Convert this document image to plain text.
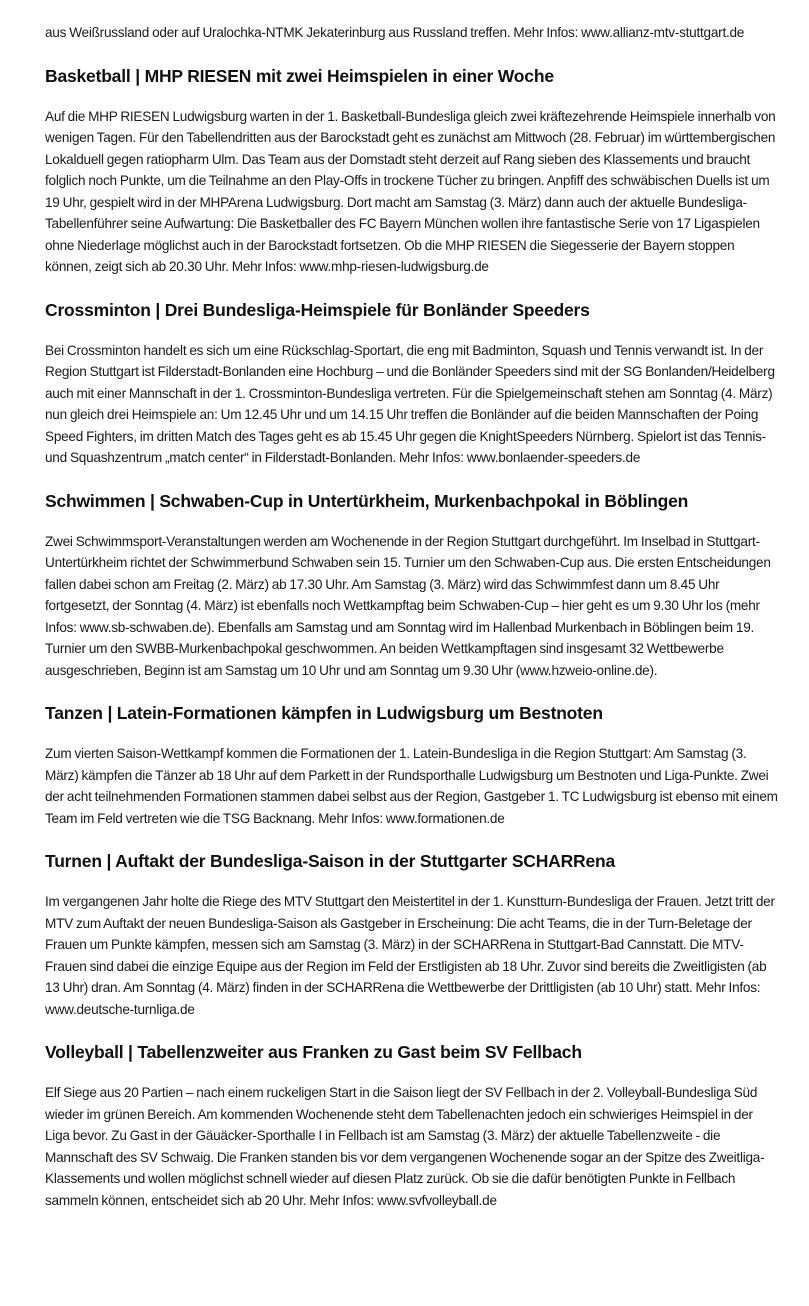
aus Weißrussland oder auf Uralochka-NTMK Jekaterinburg aus Russland treffen. Mehr Infos: www.allianz-mtv-stuttgart.de

Basketball | MHP RIESEN mit zwei Heimspielen in einer Woche

Auf die MHP RIESEN Ludwigsburg warten in der 1. Basketball-Bundesliga gleich zwei kräftezehrende Heimspiele innerhalb von wenigen Tagen. Für den Tabellendritten aus der Barockstadt geht es zunächst am Mittwoch (28. Februar) im württembergischen Lokalduell gegen ratiopharm Ulm. Das Team aus der Domstadt steht derzeit auf Rang sieben des Klassements und braucht folglich noch Punkte, um die Teilnahme an den Play-Offs in trockene Tücher zu bringen. Anpfiff des schwäbischen Duells ist um 19 Uhr, gespielt wird in der MHPArena Ludwigsburg. Dort macht am Samstag (3. März) dann auch der aktuelle Bundesliga-Tabellenführer seine Aufwartung: Die Basketballer des FC Bayern München wollen ihre fantastische Serie von 17 Ligaspielen ohne Niederlage möglichst auch in der Barockstadt fortsetzen. Ob die MHP RIESEN die Siegesserie der Bayern stoppen können, zeigt sich ab 20.30 Uhr. Mehr Infos: www.mhp-riesen-ludwigsburg.de

Crossminton | Drei Bundesliga-Heimspiele für Bonländer Speeders

Bei Crossminton handelt es sich um eine Rückschlag-Sportart, die eng mit Badminton, Squash und Tennis verwandt ist. In der Region Stuttgart ist Filderstadt-Bonlanden eine Hochburg – und die Bonländer Speeders sind mit der SG Bonlanden/Heidelberg auch mit einer Mannschaft in der 1. Crossminton-Bundesliga vertreten. Für die Spielgemeinschaft stehen am Sonntag (4. März) nun gleich drei Heimspiele an: Um 12.45 Uhr und um 14.15 Uhr treffen die Bonländer auf die beiden Mannschaften der Poing Speed Fighters, im dritten Match des Tages geht es ab 15.45 Uhr gegen die KnightSpeeders Nürnberg. Spielort ist das Tennis- und Squashzentrum „match center“ in Filderstadt-Bonlanden. Mehr Infos: www.bonlaender-speeders.de

Schwimmen | Schwaben-Cup in Untertürkheim, Murkenbachpokal in Böblingen

Zwei Schwimmsport-Veranstaltungen werden am Wochenende in der Region Stuttgart durchgeführt. Im Inselbad in Stuttgart-Untertürkheim richtet der Schwimmerbund Schwaben sein 15. Turnier um den Schwaben-Cup aus. Die ersten Entscheidungen fallen dabei schon am Freitag (2. März) ab 17.30 Uhr. Am Samstag (3. März) wird das Schwimmfest dann um 8.45 Uhr fortgesetzt, der Sonntag (4. März) ist ebenfalls noch Wettkampftag beim Schwaben-Cup – hier geht es um 9.30 Uhr los (mehr Infos: www.sb-schwaben.de). Ebenfalls am Samstag und am Sonntag wird im Hallenbad Murkenbach in Böblingen beim 19. Turnier um den SWBB-Murkenbachpokal geschwommen. An beiden Wettkampftagen sind insgesamt 32 Wettbewerbe ausgeschrieben, Beginn ist am Samstag um 10 Uhr und am Sonntag um 9.30 Uhr (www.hzweio-online.de).

Tanzen | Latein-Formationen kämpfen in Ludwigsburg um Bestnoten

Zum vierten Saison-Wettkampf kommen die Formationen der 1. Latein-Bundesliga in die Region Stuttgart: Am Samstag (3. März) kämpfen die Tänzer ab 18 Uhr auf dem Parkett in der Rundsporthalle Ludwigsburg um Bestnoten und Liga-Punkte. Zwei der acht teilnehmenden Formationen stammen dabei selbst aus der Region, Gastgeber 1. TC Ludwigsburg ist ebenso mit einem Team im Feld vertreten wie die TSG Backnang. Mehr Infos: www.formationen.de

Turnen | Auftakt der Bundesliga-Saison in der Stuttgarter SCHARRena

Im vergangenen Jahr holte die Riege des MTV Stuttgart den Meistertitel in der 1. Kunstturn-Bundesliga der Frauen. Jetzt tritt der MTV zum Auftakt der neuen Bundesliga-Saison als Gastgeber in Erscheinung: Die acht Teams, die in der Turn-Beletage der Frauen um Punkte kämpfen, messen sich am Samstag (3. März) in der SCHARRena in Stuttgart-Bad Cannstatt. Die MTV-Frauen sind dabei die einzige Equipe aus der Region im Feld der Erstligisten ab 18 Uhr. Zuvor sind bereits die Zweitligisten (ab 13 Uhr) dran. Am Sonntag (4. März) finden in der SCHARRena die Wettbewerbe der Drittligisten (ab 10 Uhr) statt. Mehr Infos: www.deutsche-turnliga.de

Volleyball | Tabellenzweiter aus Franken zu Gast beim SV Fellbach

Elf Siege aus 20 Partien – nach einem ruckeligen Start in die Saison liegt der SV Fellbach in der 2. Volleyball-Bundesliga Süd wieder im grünen Bereich. Am kommenden Wochenende steht dem Tabellenachten jedoch ein schwieriges Heimspiel in der Liga bevor. Zu Gast in der Gäuäcker-Sporthalle I in Fellbach ist am Samstag (3. März) der aktuelle Tabellenzweite - die Mannschaft des SV Schwaig. Die Franken standen bis vor dem vergangenen Wochenende sogar an der Spitze des Zweitliga-Klassements und wollen möglichst schnell wieder auf diesen Platz zurück. Ob sie die dafür benötigten Punkte in Fellbach sammeln können, entscheidet sich ab 20 Uhr. Mehr Infos: www.svfvolleyball.de
